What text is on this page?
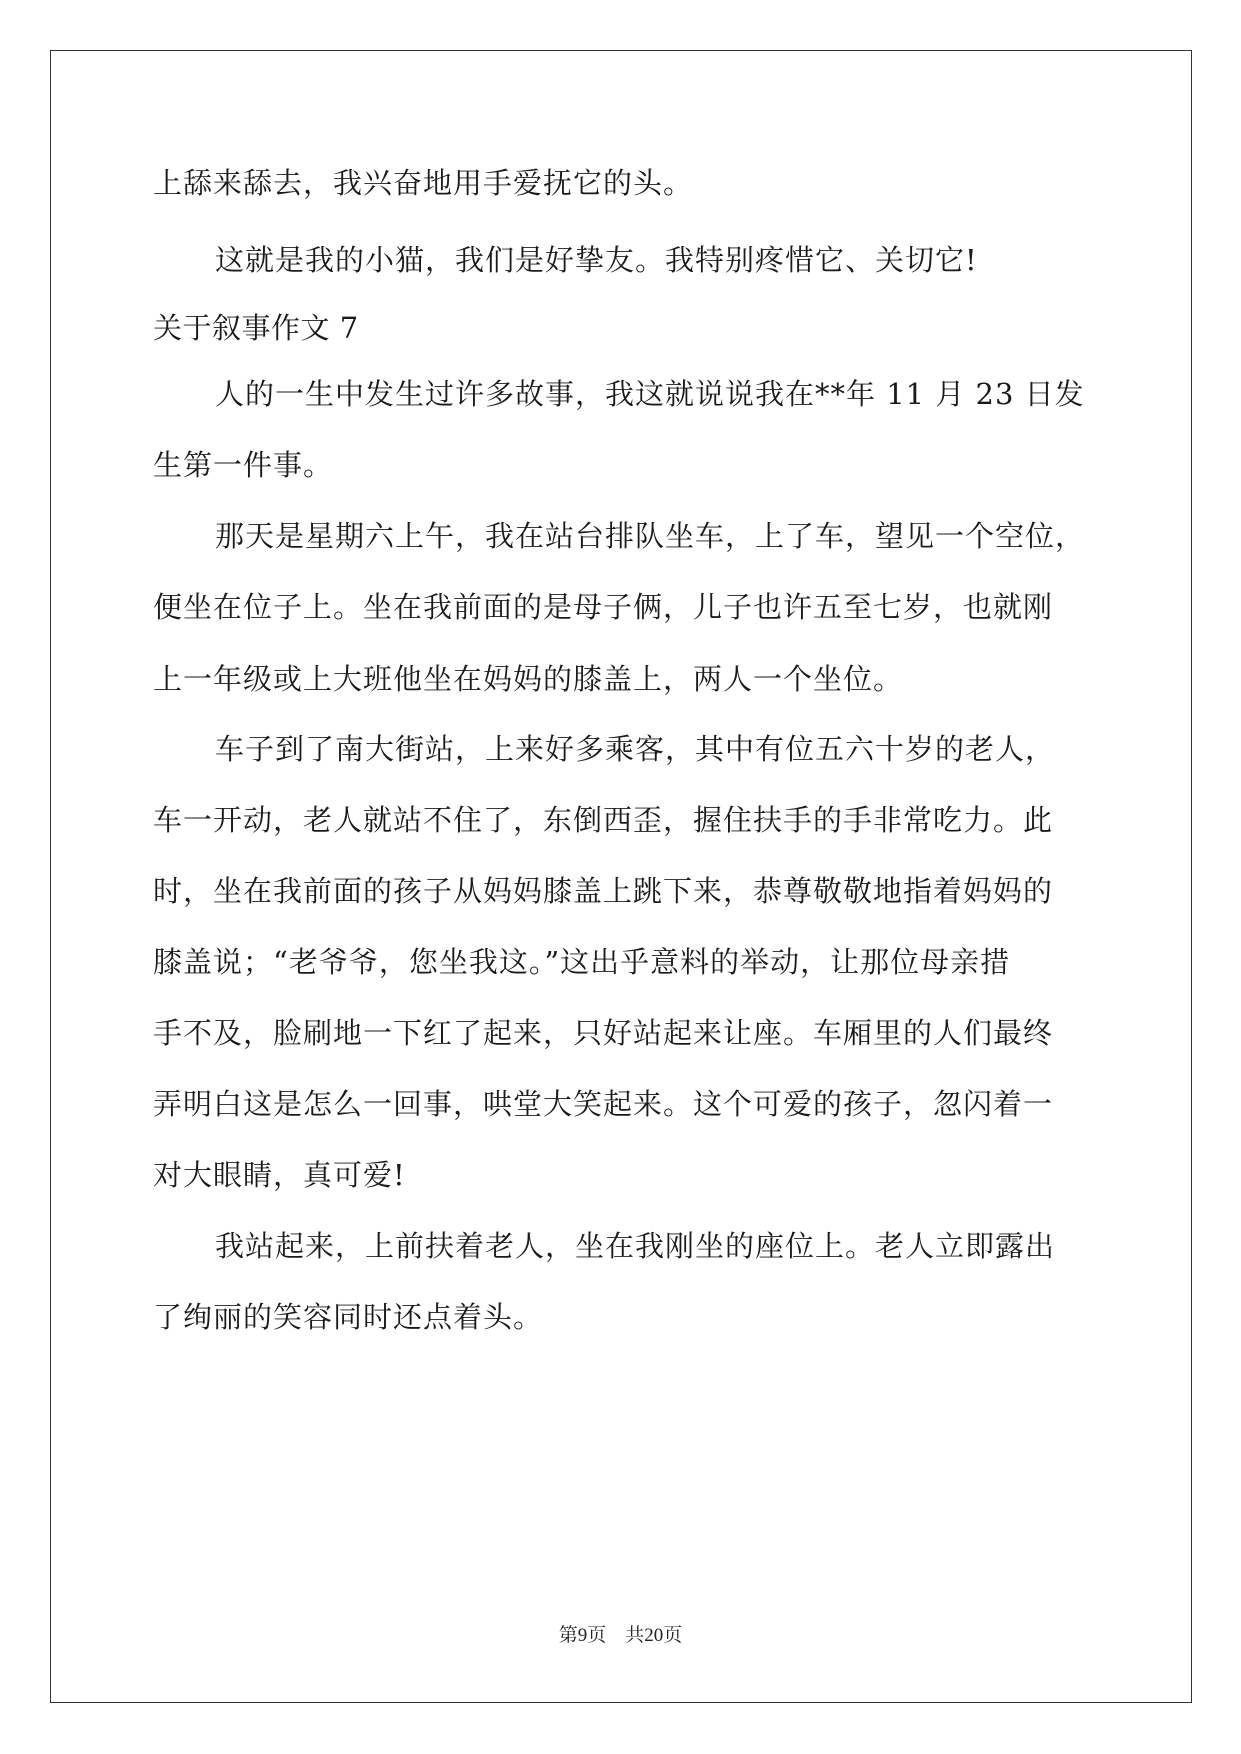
上舔来舔去，我兴奋地用手爱抚它的头。
这就是我的小猫，我们是好挚友。我特别疼惜它、关切它!
关于叙事作文 7
人的一生中发生过许多故事，我这就说说我在**年 11 月 23 日发
生第一件事。
那天是星期六上午，我在站台排队坐车，上了车，望见一个空位，
便坐在位子上。坐在我前面的是母子俩，儿子也许五至七岁，也就刚
上一年级或上大班他坐在妈妈的膝盖上，两人一个坐位。
车子到了南大街站，上来好多乘客，其中有位五六十岁的老人，
车一开动，老人就站不住了，东倒西歪，握住扶手的手非常吃力。此
时，坐在我前面的孩子从妈妈膝盖上跳下来，恭尊敬敬地指着妈妈的
膝盖说；“老爷爷，您坐我这。”这出乎意料的举动，让那位母亲措
手不及，脸刷地一下红了起来，只好站起来让座。车厢里的人们最终
弄明白这是怎么一回事，哄堂大笑起来。这个可爱的孩子，忽闪着一
对大眼睛，真可爱!
我站起来，上前扶着老人，坐在我刚坐的座位上。老人立即露出
了绚丽的笑容同时还点着头。
第9页 共20页
